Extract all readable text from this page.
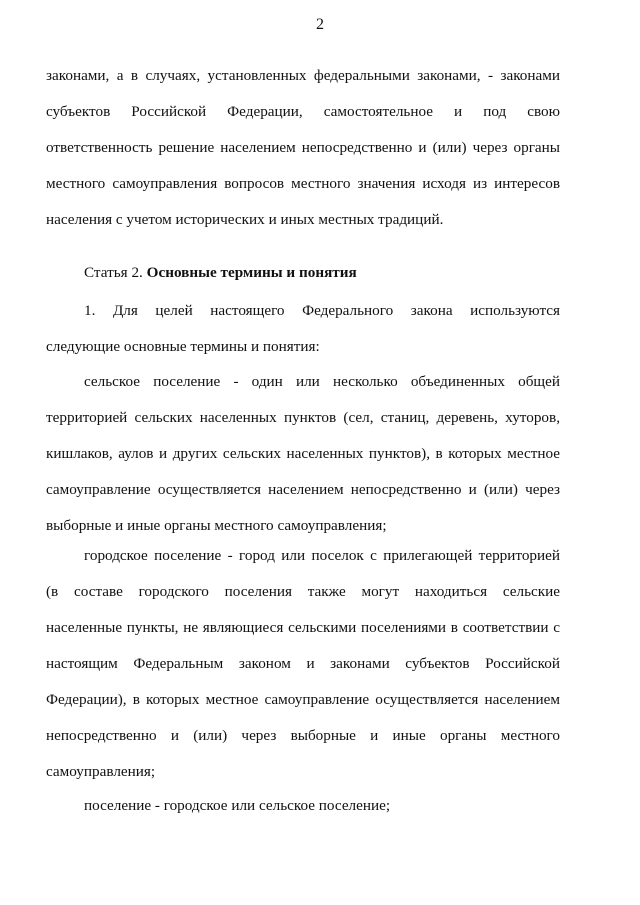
2
законами, а в случаях, установленных федеральными законами, - законами
субъектов Российской Федерации, самостоятельное и под свою
ответственность решение населением непосредственно и (или) через органы
местного самоуправления вопросов местного значения исходя из интересов
населения с учетом исторических и иных местных традиций.
Статья 2. Основные термины и понятия
1. Для целей настоящего Федерального закона используются
следующие основные термины и понятия:
сельское поселение - один или несколько объединенных общей
территорией сельских населенных пунктов (сел, станиц, деревень, хуторов,
кишлаков, аулов и других сельских населенных пунктов), в которых местное
самоуправление осуществляется населением непосредственно и (или) через
выборные и иные органы местного самоуправления;
городское поселение - город или поселок с прилегающей территорией
(в составе городского поселения также могут находиться сельские
населенные пункты, не являющиеся сельскими поселениями в соответствии с
настоящим Федеральным законом и законами субъектов Российской
Федерации), в которых местное самоуправление осуществляется населением
непосредственно и (или) через выборные и иные органы местного
самоуправления;
поселение - городское или сельское поселение;
